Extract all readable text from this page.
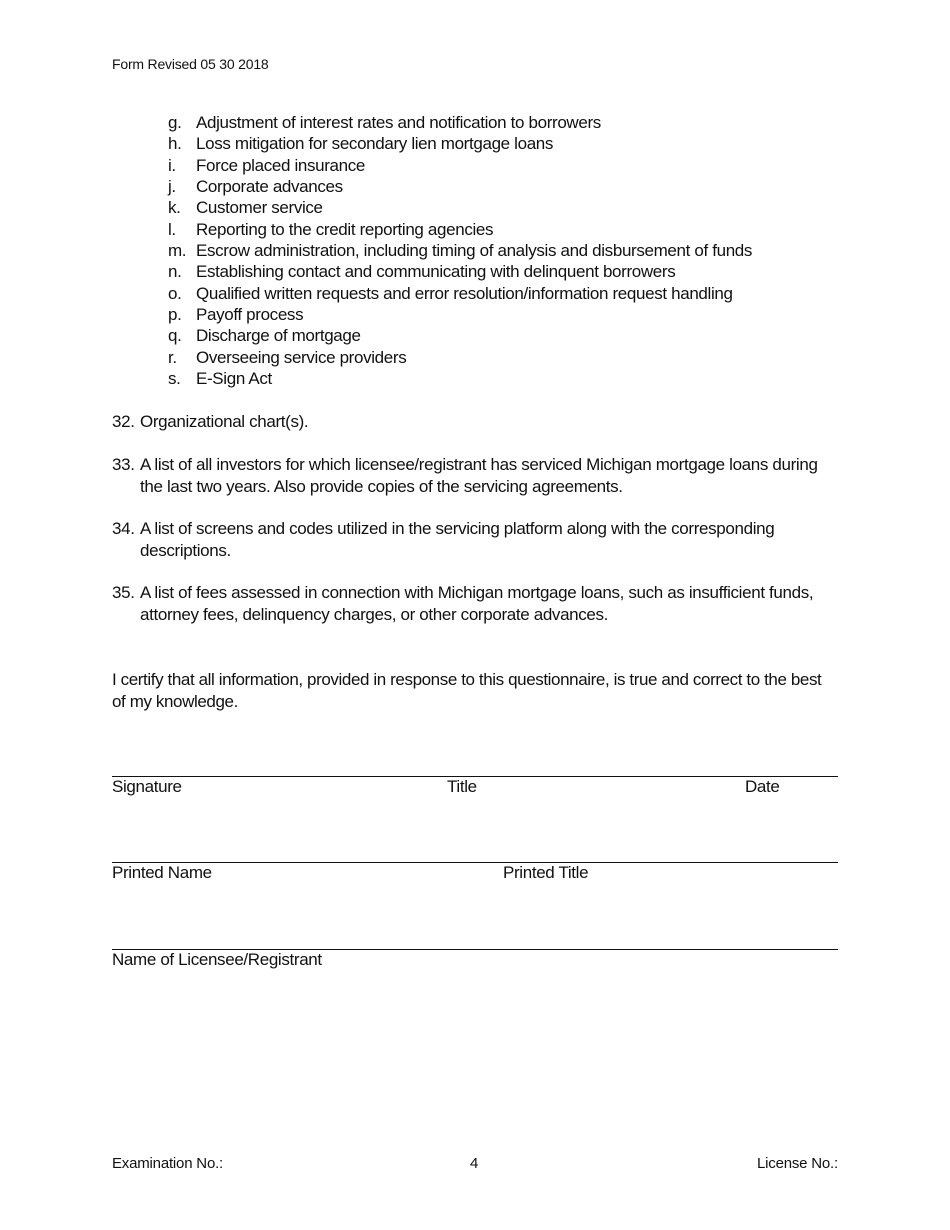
Form Revised 05 30 2018
g. Adjustment of interest rates and notification to borrowers
h. Loss mitigation for secondary lien mortgage loans
i.	Force placed insurance
j.	Corporate advances
k. Customer service
l.	Reporting to the credit reporting agencies
m. Escrow administration, including timing of analysis and disbursement of funds
n. Establishing contact and communicating with delinquent borrowers
o. Qualified written requests and error resolution/information request handling
p. Payoff process
q. Discharge of mortgage
r.	Overseeing service providers
s. E-Sign Act
32. Organizational chart(s).
33. A list of all investors for which licensee/registrant has serviced Michigan mortgage loans during the last two years. Also provide copies of the servicing agreements.
34. A list of screens and codes utilized in the servicing platform along with the corresponding descriptions.
35. A list of fees assessed in connection with Michigan mortgage loans, such as insufficient funds, attorney fees, delinquency charges, or other corporate advances.
I certify that all information, provided in response to this questionnaire, is true and correct to the best of my knowledge.
Signature	Title	Date
Printed Name	Printed Title
Name of Licensee/Registrant
Examination No.:	4	License No.:
